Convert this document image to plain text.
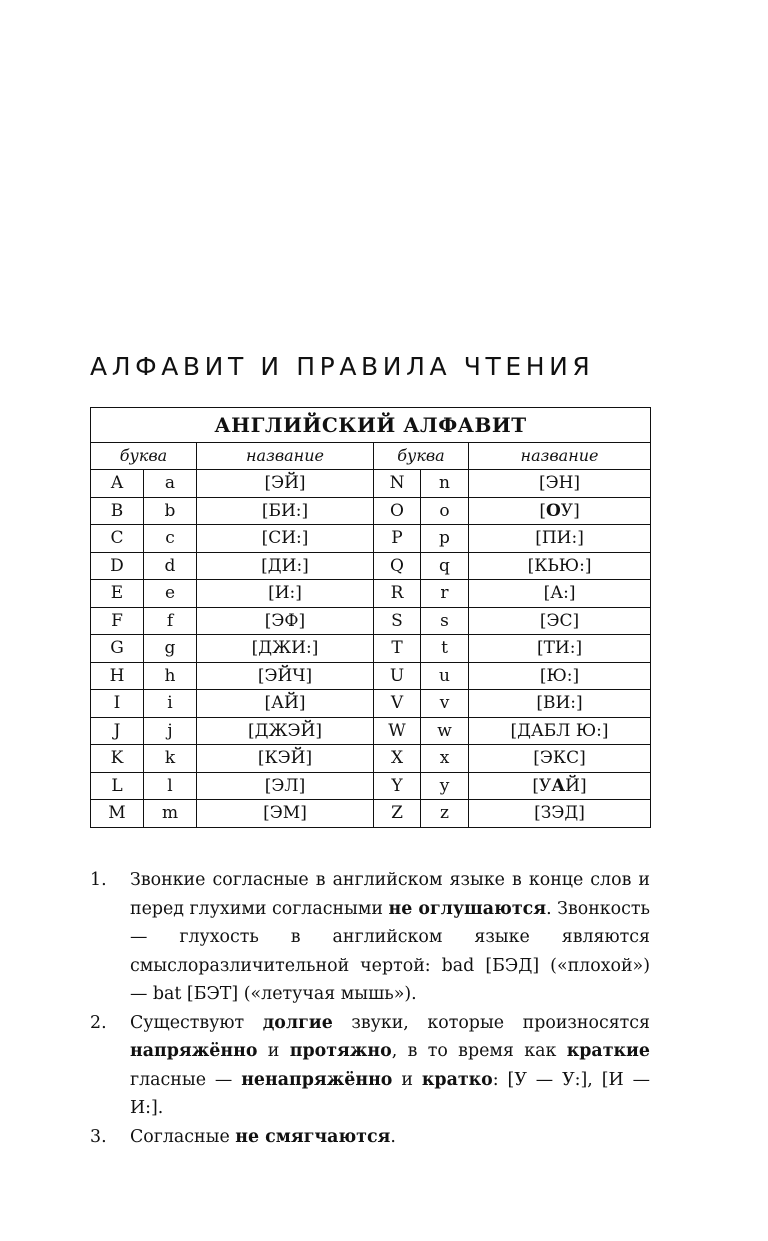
АЛФАВИТ И ПРАВИЛА ЧТЕНИЯ
АНГЛИЙСКИЙ АЛФАВИТ					
буква		название	буква		название
A	a	[ЭЙ]	N	n	[ЭН]
B	b	[БИ:]	O	o	[ОУ]
C	c	[СИ:]	P	p	[ПИ:]
D	d	[ДИ:]	Q	q	[КЬЮ:]
E	e	[И:]	R	r	[А:]
F	f	[ЭФ]	S	s	[ЭС]
G	g	[ДЖИ:]	T	t	[ТИ:]
H	h	[ЭЙЧ]	U	u	[Ю:]
I	i	[АЙ]	V	v	[ВИ:]
J	j	[ДЖЭЙ]	W	w	[ДАБЛ Ю:]
K	k	[КЭЙ]	X	x	[ЭКС]
L	l	[ЭЛ]	Y	y	[УАЙ]
M	m	[ЭМ]	Z	z	[ЗЭД]
1. Звонкие согласные в английском языке в конце слов и перед глухими согласными не оглушаются. Звонкость — глухость в английском языке являются смыслоразличительной чертой: bad [БЭД] («плохой») — bat [БЭТ] («летучая мышь»).
2. Существуют долгие звуки, которые произносятся напряжённо и протяжно, в то время как краткие гласные — ненапряжённо и кратко: [У — У:], [И — И:].
3. Согласные не смягчаются.
